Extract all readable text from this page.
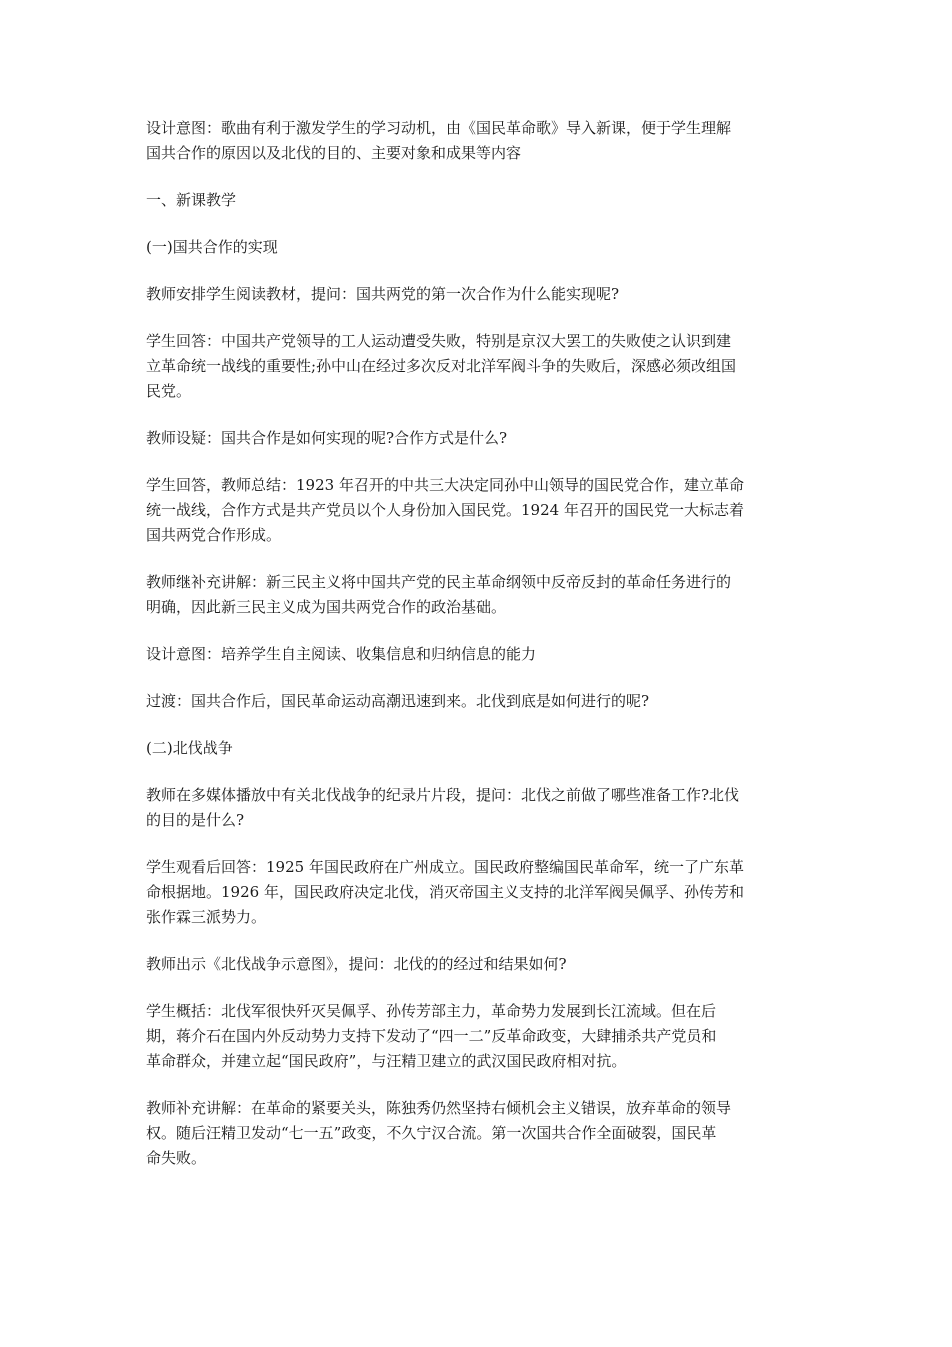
设计意图：歌曲有利于激发学生的学习动机，由《国民革命歌》导入新课，便于学生理解
国共合作的原因以及北伐的目的、主要对象和成果等内容

一、新课教学

(一)国共合作的实现

教师安排学生阅读教材，提问：国共两党的第一次合作为什么能实现呢?

学生回答：中国共产党领导的工人运动遭受失败，特别是京汉大罢工的失败使之认识到建
立革命统一战线的重要性;孙中山在经过多次反对北洋军阀斗争的失败后，深感必须改组国
民党。

教师设疑：国共合作是如何实现的呢?合作方式是什么?

学生回答，教师总结：1923 年召开的中共三大决定同孙中山领导的国民党合作，建立革命
统一战线，合作方式是共产党员以个人身份加入国民党。1924 年召开的国民党一大标志着
国共两党合作形成。

教师继补充讲解：新三民主义将中国共产党的民主革命纲领中反帝反封的革命任务进行的
明确，因此新三民主义成为国共两党合作的政治基础。

设计意图：培养学生自主阅读、收集信息和归纳信息的能力

过渡：国共合作后，国民革命运动高潮迅速到来。北伐到底是如何进行的呢?

(二)北伐战争

教师在多媒体播放中有关北伐战争的纪录片片段，提问：北伐之前做了哪些准备工作?北伐
的目的是什么?

学生观看后回答：1925 年国民政府在广州成立。国民政府整编国民革命军，统一了广东革
命根据地。1926 年，国民政府决定北伐，消灭帝国主义支持的北洋军阀吴佩孚、孙传芳和
张作霖三派势力。

教师出示《北伐战争示意图》，提问：北伐的的经过和结果如何?

学生概括：北伐军很快歼灭吴佩孚、孙传芳部主力，革命势力发展到长江流域。但在后
期，蒋介石在国内外反动势力支持下发动了“四一二”反革命政变，大肆捕杀共产党员和
革命群众，并建立起“国民政府”，与汪精卫建立的武汉国民政府相对抗。

教师补充讲解：在革命的紧要关头，陈独秀仍然坚持右倾机会主义错误，放弃革命的领导
权。随后汪精卫发动“七一五”政变，不久宁汉合流。第一次国共合作全面破裂，国民革
命失败。
